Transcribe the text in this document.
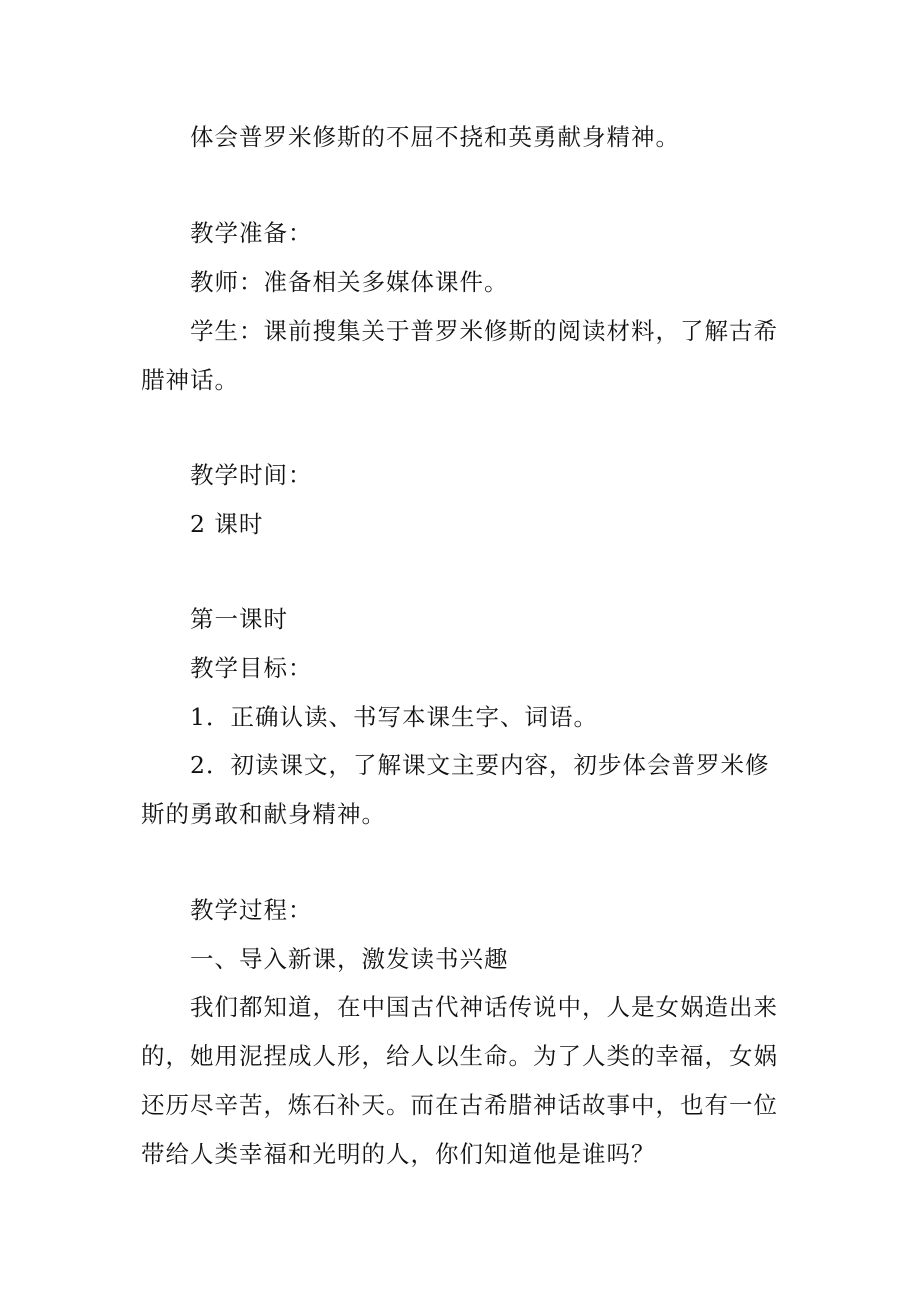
体会普罗米修斯的不屈不挠和英勇献身精神。
教学准备：
教师：准备相关多媒体课件。
学生：课前搜集关于普罗米修斯的阅读材料，了解古希
腊神话。
教学时间：
2 课时
第一课时
教学目标：
1．正确认读、书写本课生字、词语。
2．初读课文，了解课文主要内容，初步体会普罗米修
斯的勇敢和献身精神。
教学过程：
一、导入新课，激发读书兴趣
我们都知道，在中国古代神话传说中，人是女娲造出来
的，她用泥捏成人形，给人以生命。为了人类的幸福，女娲
还历尽辛苦，炼石补天。而在古希腊神话故事中，也有一位
带给人类幸福和光明的人，你们知道他是谁吗？
